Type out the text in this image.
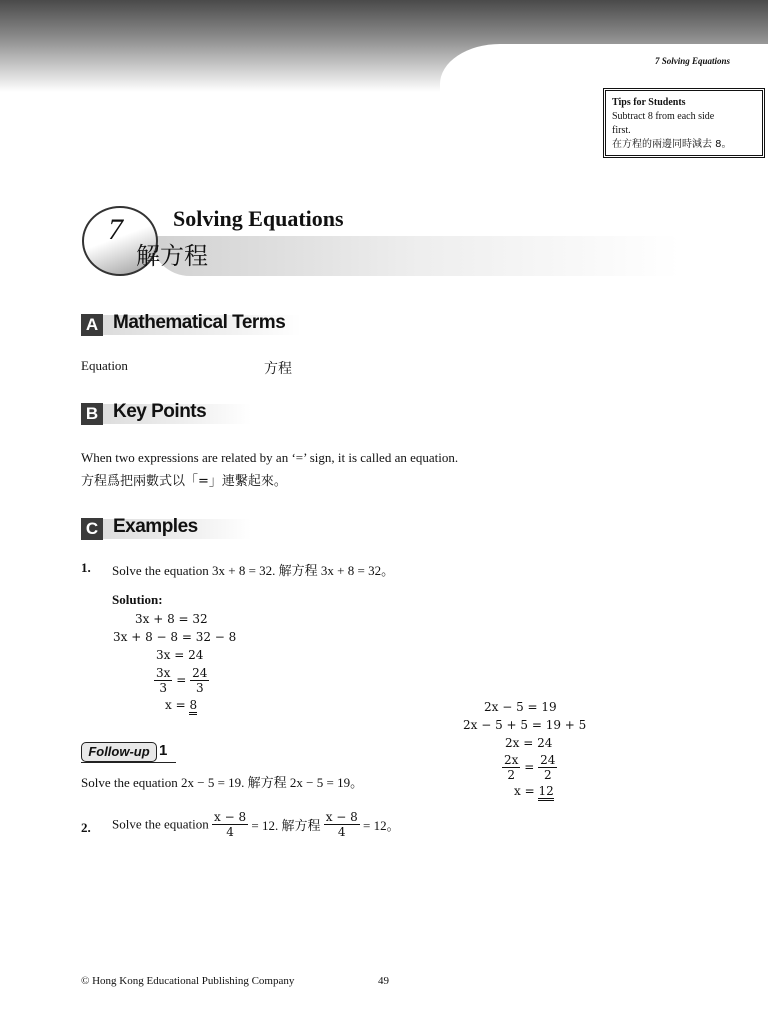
7 Solving Equations
Tips for Students
Subtract 8 from each side
first.
在方程的兩邊同時減去 8。
7 Solving Equations
解方程
A Mathematical Terms
Equation	方程
B Key Points
When two expressions are related by an ‘=’ sign, it is called an equation.
方程爲把兩數式以「=」連繫起來。
C Examples
1. Solve the equation 3x + 8 = 32. 解方程 3x + 8 = 32。
Solution:
3x + 8 = 32
3x + 8 − 8 = 32 − 8
3x = 24
$\frac{3x}{3} = \frac{24}{3}$
x = 8
Follow-up 1
Solve the equation 2x − 5 = 19. 解方程 2x − 5 = 19。
2x − 5 = 19
2x − 5 + 5 = 19 + 5
2x = 24
$\frac{2x}{2} = \frac{24}{2}$
x = 12
2. Solve the equation $\frac{x - 8}{4} = 12$. 解方程 $\frac{x - 8}{4} = 12$。
© Hong Kong Educational Publishing Company	49
